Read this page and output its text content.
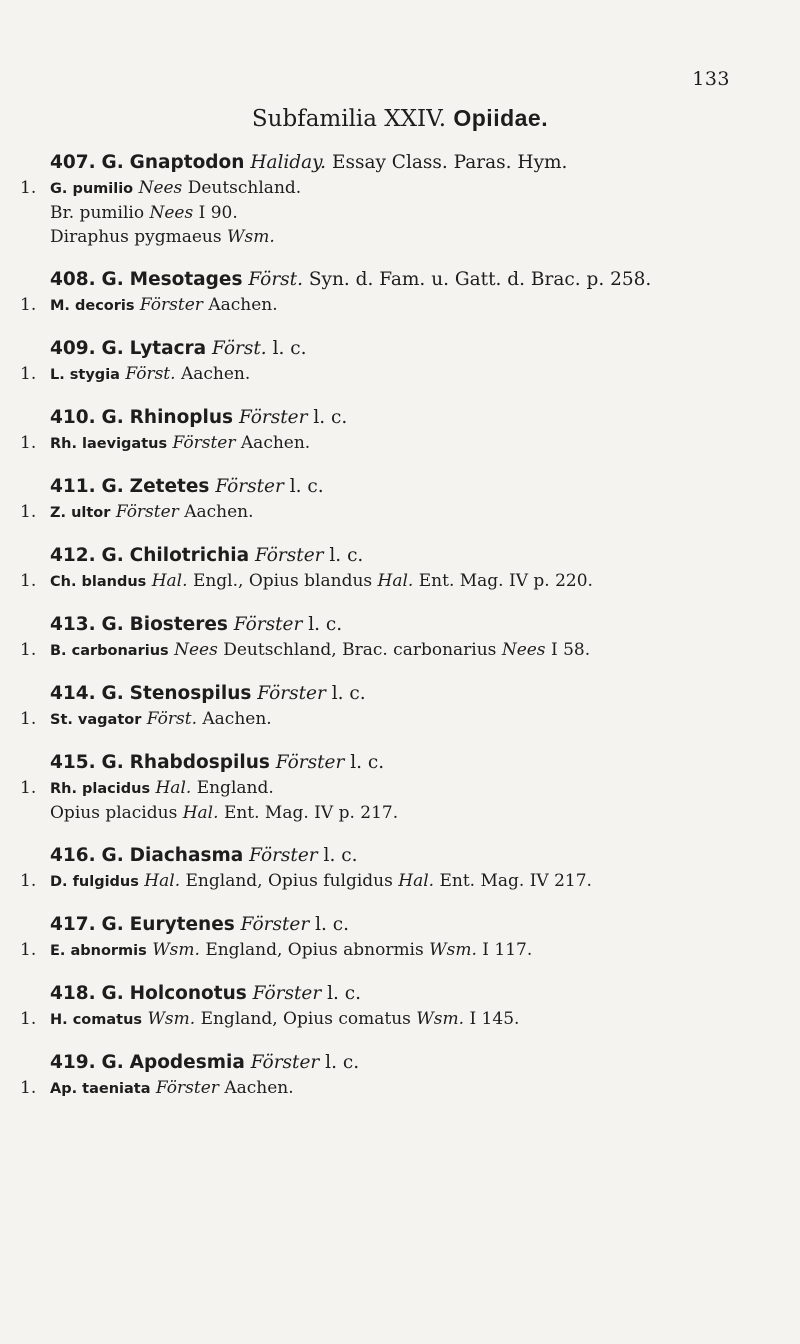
133
Subfamilia XXIV. Opiidae.
407. G. Gnaptodon Haliday. Essay Class. Paras. Hym.
1. G. pumilio Nees Deutschland.
Br. pumilio Nees I 90.
Diraphus pygmaeus Wsm.
408. G. Mesotages Först. Syn. d. Fam. u. Gatt. d. Brac. p. 258.
1. M. decoris Förster Aachen.
409. G. Lytacra Först. l. c.
1. L. stygia Först. Aachen.
410. G. Rhinoplus Förster l. c.
1. Rh. laevigatus Förster Aachen.
411. G. Zetetes Förster l. c.
1. Z. ultor Förster Aachen.
412. G. Chilotrichia Förster l. c.
1. Ch. blandus Hal. Engl., Opius blandus Hal. Ent. Mag. IV p. 220.
413. G. Biosteres Förster l. c.
1. B. carbonarius Nees Deutschland, Brac. carbonarius Nees I 58.
414. G. Stenospilus Förster l. c.
1. St. vagator Först. Aachen.
415. G. Rhabdospilus Förster l. c.
1. Rh. placidus Hal. England.
Opius placidus Hal. Ent. Mag. IV p. 217.
416. G. Diachasma Förster l. c.
1. D. fulgidus Hal. England, Opius fulgidus Hal. Ent. Mag. IV 217.
417. G. Eurytenes Förster l. c.
1. E. abnormis Wsm. England, Opius abnormis Wsm. I 117.
418. G. Holconotus Förster l. c.
1. H. comatus Wsm. England, Opius comatus Wsm. I 145.
419. G. Apodesmia Förster l. c.
1. Ap. taeniata Förster Aachen.
